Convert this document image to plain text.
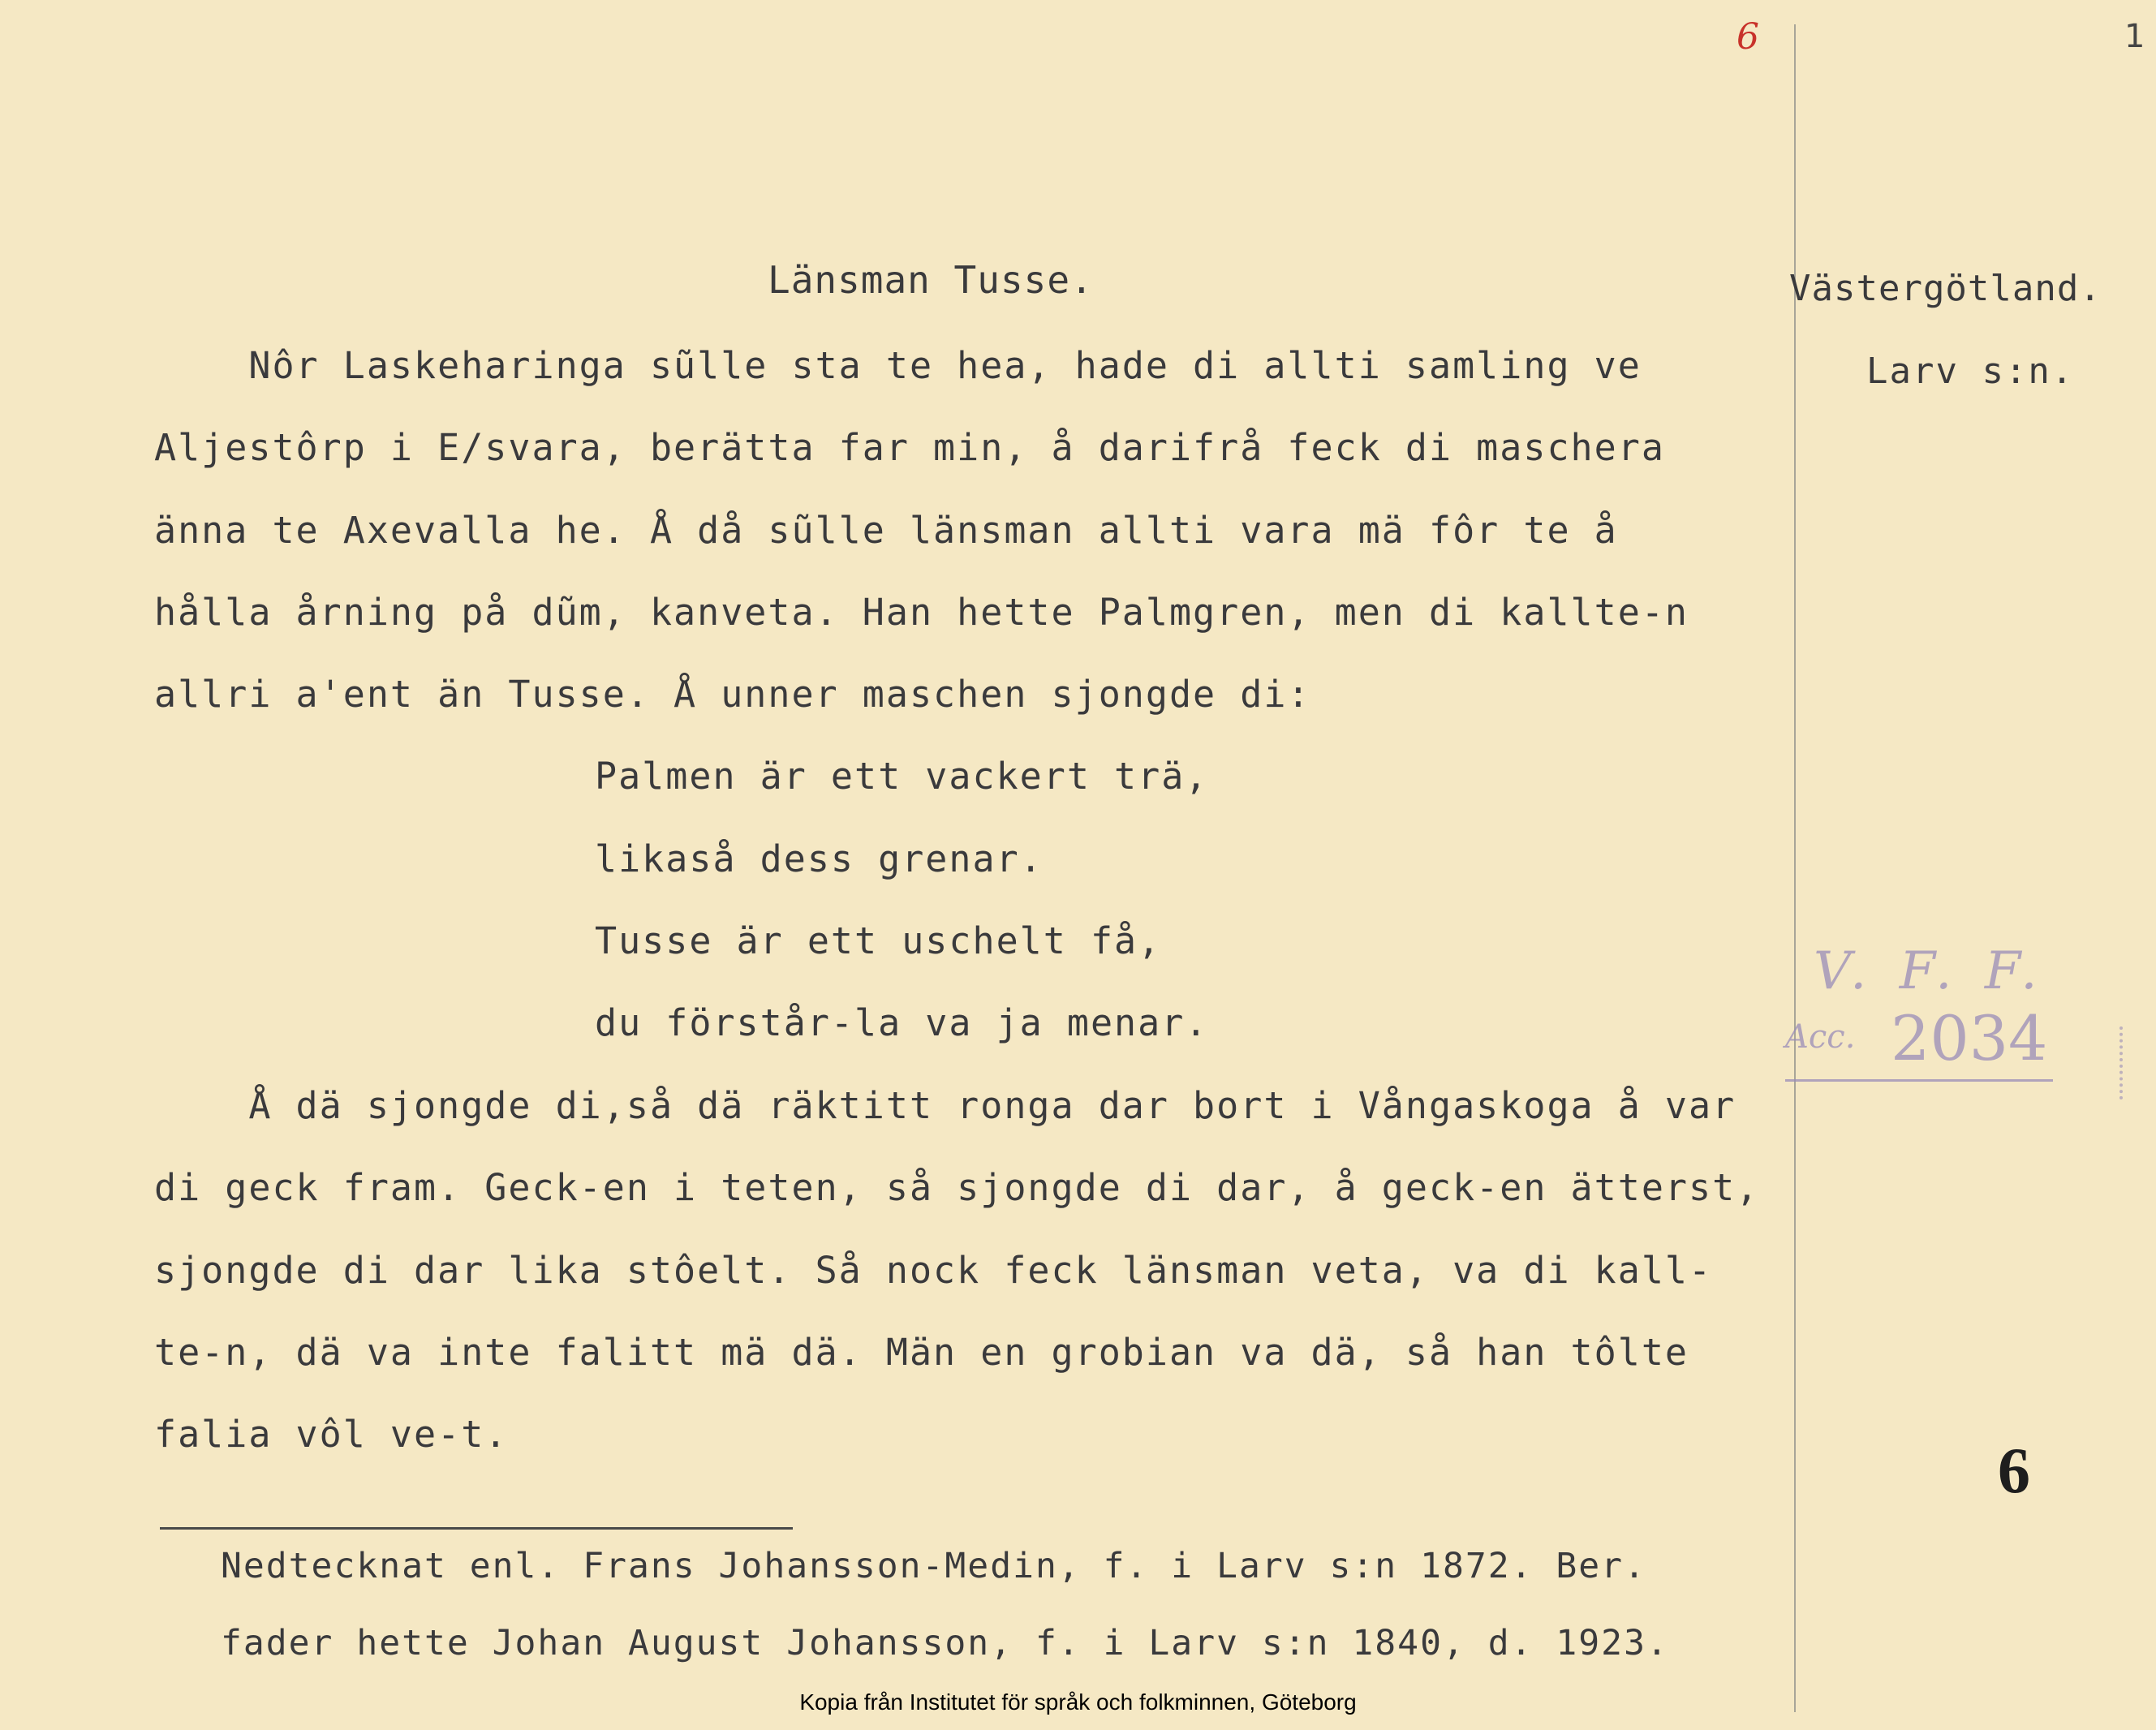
6	1
Länsman Tusse.	Västergötland.
Larv s:n.
Nôr Laskeharinga sũlle sta te hea, hade di allti samling ve
Aljestôrp i E/svara, berätta far min, å darifrå feck di maschera
änna te Axevalla he. Å då sũlle länsman allti vara mä fôr te å
hålla årning på dũm, kanveta. Han hette Palmgren, men di kallte-n
allri a'ent än Tusse. Å unner maschen sjongde di:
Palmen är ett vackert trä,
likaså dess grenar.
Tusse är ett uschelt få,
du förstår-la va ja menar.
Å dä sjongde di,så dä räktitt ronga dar bort i Vångaskoga å var
di geck fram. Geck-en i teten, så sjongde di dar, å geck-en ätterst,
sjongde di dar lika stôelt. Så nock feck länsman veta, va di kall-
te-n, dä va inte falitt mä dä. Män en grobian va dä, så han tôlte
falia vôl ve-t.
V. F. F.
Acc. 2034
6
Nedtecknat enl. Frans Johansson-Medin, f. i Larv s:n 1872. Ber.
fader hette Johan August Johansson, f. i Larv s:n 1840, d. 1923.
Kopia från Institutet för språk och folkminnen, Göteborg
